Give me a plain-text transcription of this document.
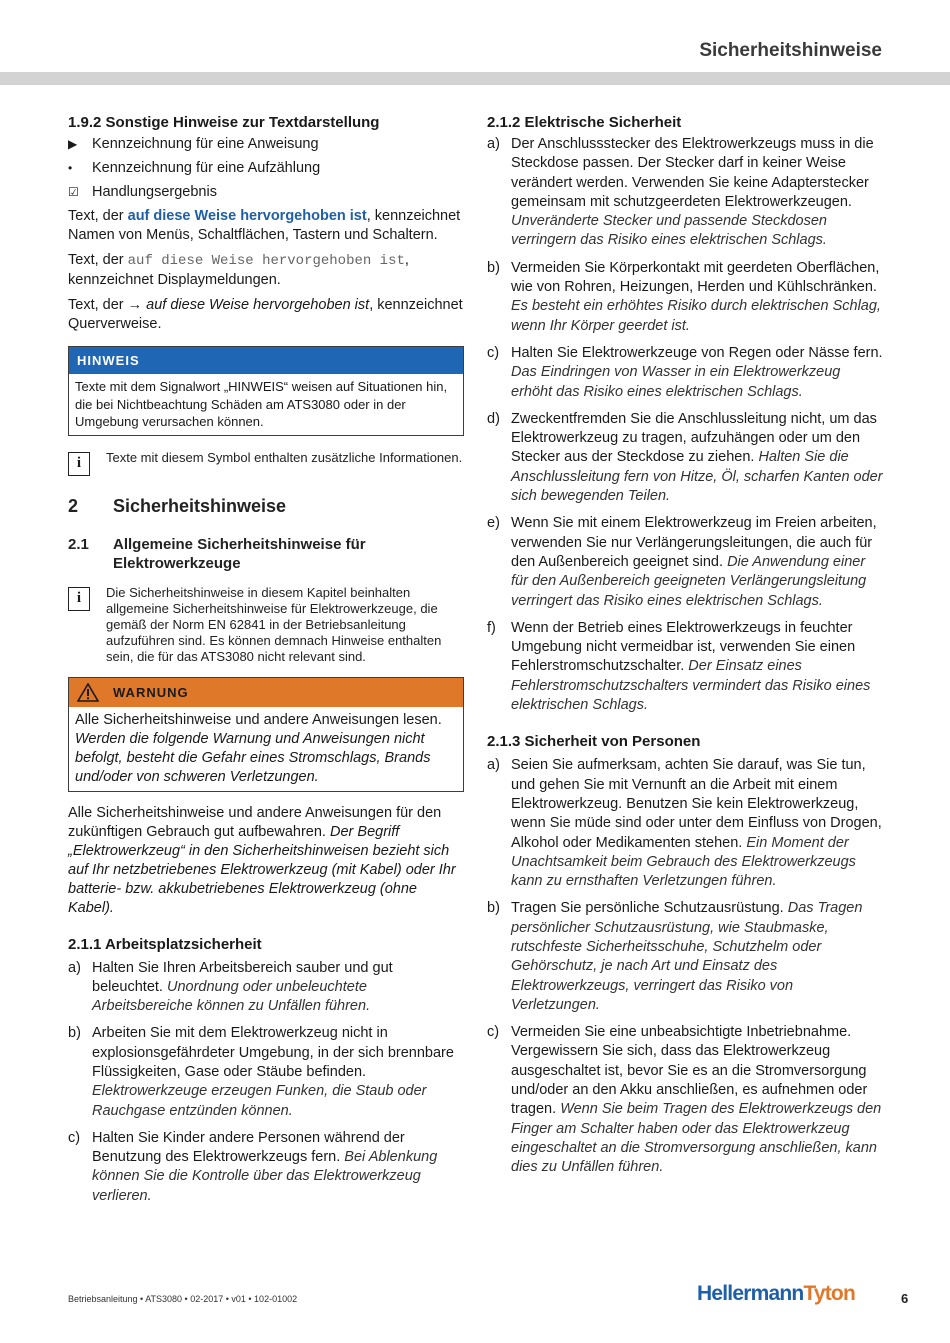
Sicherheitshinweise
1.9.2 Sonstige Hinweise zur Textdarstellung
▶	Kennzeichnung für eine Anweisung
•	Kennzeichnung für eine Aufzählung
☑ Handlungsergebnis

Text, der auf diese Weise hervorgehoben ist, kennzeichnet Namen von Menüs, Schaltflächen, Tastern und Schaltern.

Text, der auf diese Weise hervorgehoben ist, kennzeichnet Displaymeldungen.

Text, der → auf diese Weise hervorgehoben ist, kennzeichnet Querverweise.

HINWEIS
Texte mit dem Signalwort „HINWEIS“ weisen auf Situationen hin, die bei Nichtbeachtung Schäden am ATS3080 oder in der Umgebung verursachen können.
i	Texte mit diesem Symbol enthalten zusätzliche Informationen.
2	Sicherheitshinweise
2.1	Allgemeine Sicherheitshinweise für Elektrowerkzeuge
i	Die Sicherheitshinweise in diesem Kapitel beinhalten allgemeine Sicherheitshinweise für Elektrowerkzeuge, die gemäß der Norm EN 62841 in der Betriebsanleitung aufzuführen sind. Es können demnach Hinweise enthalten sein, die für das ATS3080 nicht relevant sind.
WARNUNG
Alle Sicherheitshinweise und andere Anweisungen lesen. Werden die folgende Warnung und Anweisungen nicht befolgt, besteht die Gefahr eines Stromschlags, Brands und/oder von schweren Verletzungen.

Alle Sicherheitshinweise und andere Anweisungen für den zukünftigen Gebrauch gut aufbewahren. Der Begriff „Elektrowerkzeug“ in den Sicherheitshinweisen bezieht sich auf Ihr netzbetriebenes Elektrowerkzeug (mit Kabel) oder Ihr batterie- bzw. akkubetriebenes Elektrowerkzeug (ohne Kabel).

2.1.1 Arbeitsplatzsicherheit
a) Halten Sie Ihren Arbeitsbereich sauber und gut beleuchtet. Unordnung oder unbeleuchtete Arbeitsbereiche können zu Unfällen führen.
b) Arbeiten Sie mit dem Elektrowerkzeug nicht in explosionsgefährdeter Umgebung, in der sich brennbare Flüssigkeiten, Gase oder Stäube befinden. Elektrowerkzeuge erzeugen Funken, die Staub oder Rauchgase entzünden können.
c) Halten Sie Kinder andere Personen während der Benutzung des Elektrowerkzeugs fern. Bei Ablenkung können Sie die Kontrolle über das Elektrowerkzeug verlieren.
2.1.2 Elektrische Sicherheit
a) Der Anschlussstecker des Elektrowerkzeugs muss in die Steckdose passen. Der Stecker darf in keiner Weise verändert werden. Verwenden Sie keine Adapterstecker gemeinsam mit schutzgeerdeten Elektrowerkzeugen. Unveränderte Stecker und passende Steckdosen verringern das Risiko eines elektrischen Schlags.
b) Vermeiden Sie Körperkontakt mit geerdeten Oberflächen, wie von Rohren, Heizungen, Herden und Kühlschränken. Es besteht ein erhöhtes Risiko durch elektrischen Schlag, wenn Ihr Körper geerdet ist.
c) Halten Sie Elektrowerkzeuge von Regen oder Nässe fern. Das Eindringen von Wasser in ein Elektrowerkzeug erhöht das Risiko eines elektrischen Schlags.
d) Zweckentfremden Sie die Anschlussleitung nicht, um das Elektrowerkzeug zu tragen, aufzuhängen oder um den Stecker aus der Steckdose zu ziehen. Halten Sie die Anschlussleitung fern von Hitze, Öl, scharfen Kanten oder sich bewegenden Teilen.
e) Wenn Sie mit einem Elektrowerkzeug im Freien arbeiten, verwenden Sie nur Verlängerungsleitungen, die auch für den Außenbereich geeignet sind. Die Anwendung einer für den Außenbereich geeigneten Verlängerungsleitung verringert das Risiko eines elektrischen Schlags.
f)	Wenn der Betrieb eines Elektrowerkzeugs in feuchter Umgebung nicht vermeidbar ist, verwenden Sie einen Fehlerstromschutzschalter. Der Einsatz eines Fehlerstromschutzschalters vermindert das Risiko eines elektrischen Schlags.
2.1.3 Sicherheit von Personen
a) Seien Sie aufmerksam, achten Sie darauf, was Sie tun, und gehen Sie mit Vernunft an die Arbeit mit einem Elektrowerkzeug. Benutzen Sie kein Elektrowerkzeug, wenn Sie müde sind oder unter dem Einfluss von Drogen, Alkohol oder Medikamenten stehen. Ein Moment der Unachtsamkeit beim Gebrauch des Elektrowerkzeugs kann zu ernsthaften Verletzungen führen.
b) Tragen Sie persönliche Schutzausrüstung. Das Tragen persönlicher Schutzausrüstung, wie Staubmaske, rutschfeste Sicherheitsschuhe, Schutzhelm oder Gehörschutz, je nach Art und Einsatz des Elektrowerkzeugs, verringert das Risiko von Verletzungen.
c) Vermeiden Sie eine unbeabsichtigte Inbetriebnahme. Vergewissern Sie sich, dass das Elektrowerkzeug ausgeschaltet ist, bevor Sie es an die Stromversorgung und/oder an den Akku anschließen, es aufnehmen oder tragen. Wenn Sie beim Tragen des Elektrowerkzeugs den Finger am Schalter haben oder das Elektrowerkzeug eingeschaltet an die Stromversorgung anschließen, kann dies zu Unfällen führen.
Betriebsanleitung • ATS3080 • 02-2017 • v01 • 102-01002	HellermannTyton	6
